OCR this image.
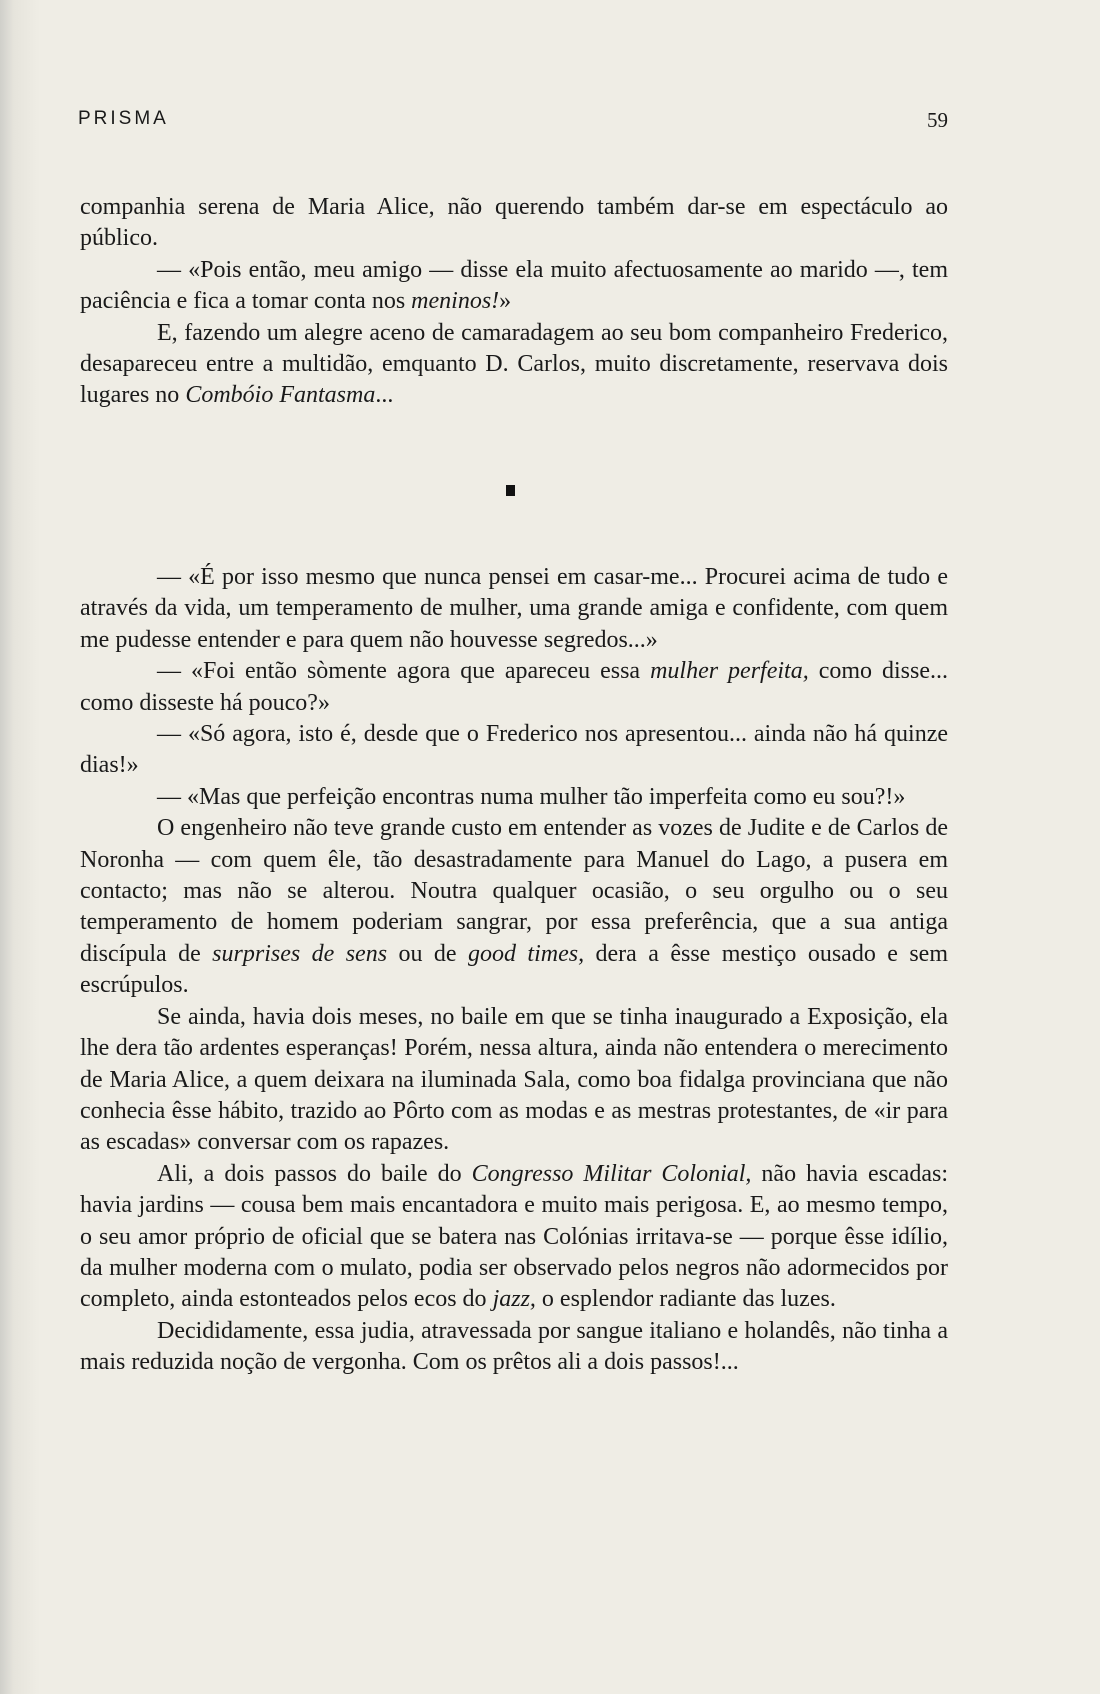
PRISMA	59

companhia serena de Maria Alice, não querendo também dar-se em espectáculo ao público.

— «Pois então, meu amigo — disse ela muito afectuosamente ao marido —, tem paciência e fica a tomar conta nos meninos!»

E, fazendo um alegre aceno de camaradagem ao seu bom companheiro Frederico, desapareceu entre a multidão, emquanto D. Carlos, muito discretamente, reservava dois lugares no Combóio Fantasma...

— «É por isso mesmo que nunca pensei em casar-me... Procurei acima de tudo e através da vida, um temperamento de mulher, uma grande amiga e confidente, com quem me pudesse entender e para quem não houvesse segredos...»

— «Foi então sòmente agora que apareceu essa mulher perfeita, como disse... como disseste há pouco?»

— «Só agora, isto é, desde que o Frederico nos apresentou... ainda não há quinze dias!»

— «Mas que perfeição encontras numa mulher tão imperfeita como eu sou?!»

O engenheiro não teve grande custo em entender as vozes de Judite e de Carlos de Noronha — com quem êle, tão desastradamente para Manuel do Lago, a pusera em contacto; mas não se alterou. Noutra qualquer ocasião, o seu orgulho ou o seu temperamento de homem poderiam sangrar, por essa preferência, que a sua antiga discípula de surprises de sens ou de good times, dera a êsse mestiço ousado e sem escrúpulos.

Se ainda, havia dois meses, no baile em que se tinha inaugurado a Exposição, ela lhe dera tão ardentes esperanças! Porém, nessa altura, ainda não entendera o merecimento de Maria Alice, a quem deixara na iluminada Sala, como boa fidalga provinciana que não conhecia êsse hábito, trazido ao Pôrto com as modas e as mestras protestantes, de «ir para as escadas» conversar com os rapazes.

Ali, a dois passos do baile do Congresso Militar Colonial, não havia escadas: havia jardins — cousa bem mais encantadora e muito mais perigosa. E, ao mesmo tempo, o seu amor próprio de oficial que se batera nas Colónias irritava-se — porque êsse idílio, da mulher moderna com o mulato, podia ser observado pelos negros não adormecidos por completo, ainda estonteados pelos ecos do jazz, o esplendor radiante das luzes.

Decididamente, essa judia, atravessada por sangue italiano e holandês, não tinha a mais reduzida noção de vergonha. Com os prêtos ali a dois passos!...
